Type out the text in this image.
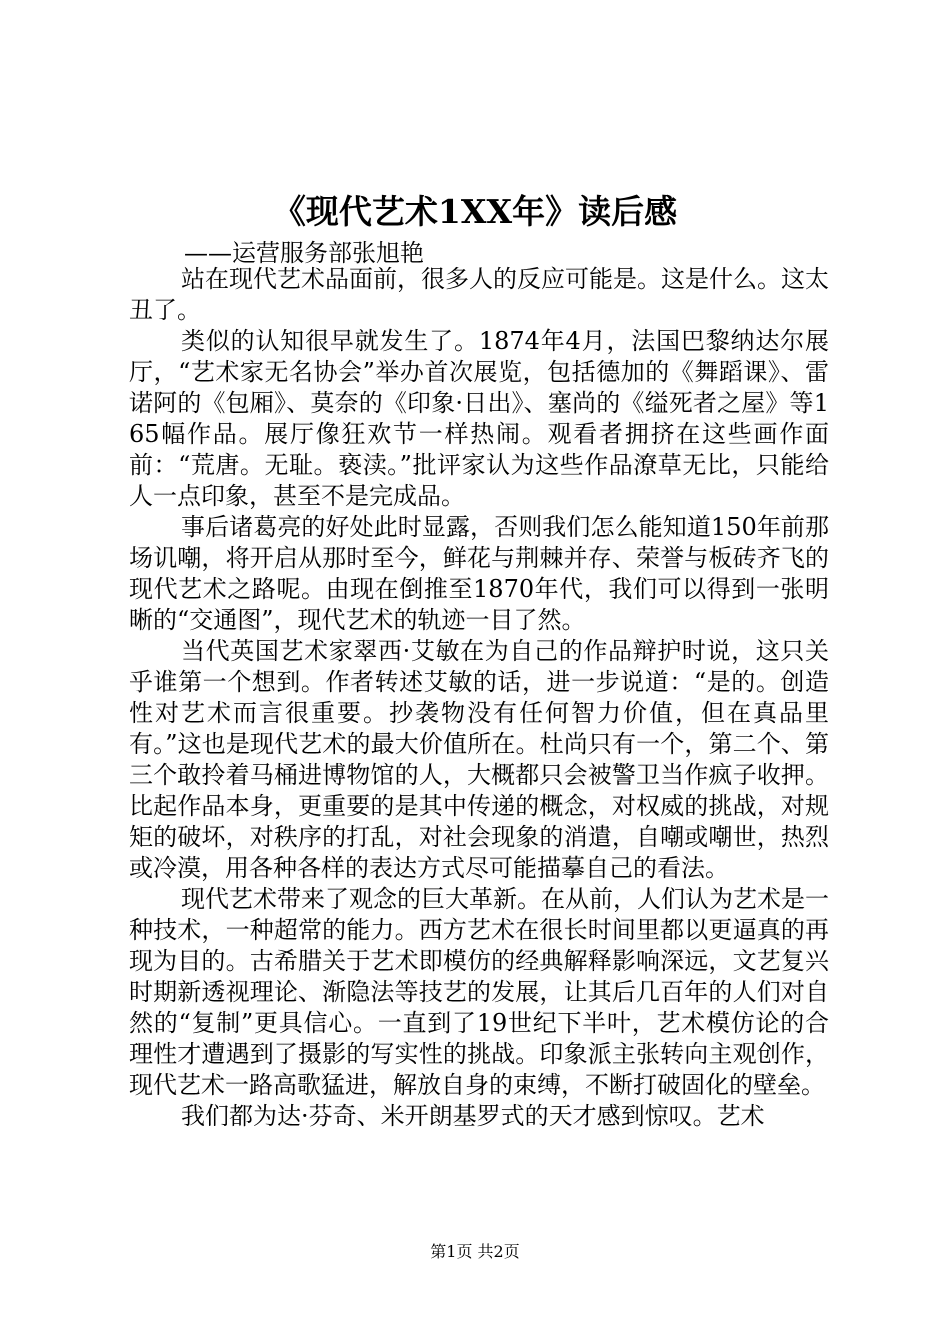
《现代艺术1XX年》读后感
——运营服务部张旭艳

站在现代艺术品面前，很多人的反应可能是。这是什么。这太丑了。

类似的认知很早就发生了。1874年4月，法国巴黎纳达尔展厅，“艺术家无名协会”举办首次展览，包括德加的《舞蹈课》、雷诺阿的《包厢》、莫奈的《印象·日出》、塞尚的《缢死者之屋》等165幅作品。展厅像狂欢节一样热闹。观看者拥挤在这些画作面前：“荒唐。无耻。亵渎。”批评家认为这些作品潦草无比，只能给人一点印象，甚至不是完成品。

事后诸葛亮的好处此时显露，否则我们怎么能知道150年前那场讥嘲，将开启从那时至今，鲜花与荆棘并存、荣誉与板砖齐飞的现代艺术之路呢。由现在倒推至1870年代，我们可以得到一张明晰的“交通图”，现代艺术的轨迹一目了然。

当代英国艺术家翠西·艾敏在为自己的作品辩护时说，这只关乎谁第一个想到。作者转述艾敏的话，进一步说道：“是的。创造性对艺术而言很重要。抄袭物没有任何智力价值，但在真品里有。”这也是现代艺术的最大价值所在。杜尚只有一个，第二个、第三个敢拎着马桶进博物馆的人，大概都只会被警卫当作疯子收押。比起作品本身，更重要的是其中传递的概念，对权威的挑战，对规矩的破坏，对秩序的打乱，对社会现象的消遣，自嘲或嘲世，热烈或冷漠，用各种各样的表达方式尽可能描摹自己的看法。

现代艺术带来了观念的巨大革新。在从前，人们认为艺术是一种技术，一种超常的能力。西方艺术在很长时间里都以更逼真的再现为目的。古希腊关于艺术即模仿的经典解释影响深远，文艺复兴时期新透视理论、渐隐法等技艺的发展，让其后几百年的人们对自然的“复制”更具信心。一直到了19世纪下半叶，艺术模仿论的合理性才遭遇到了摄影的写实性的挑战。印象派主张转向主观创作，现代艺术一路高歌猛进，解放自身的束缚，不断打破固化的壁垒。

我们都为达·芬奇、米开朗基罗式的天才感到惊叹。艺术

第1页 共2页
